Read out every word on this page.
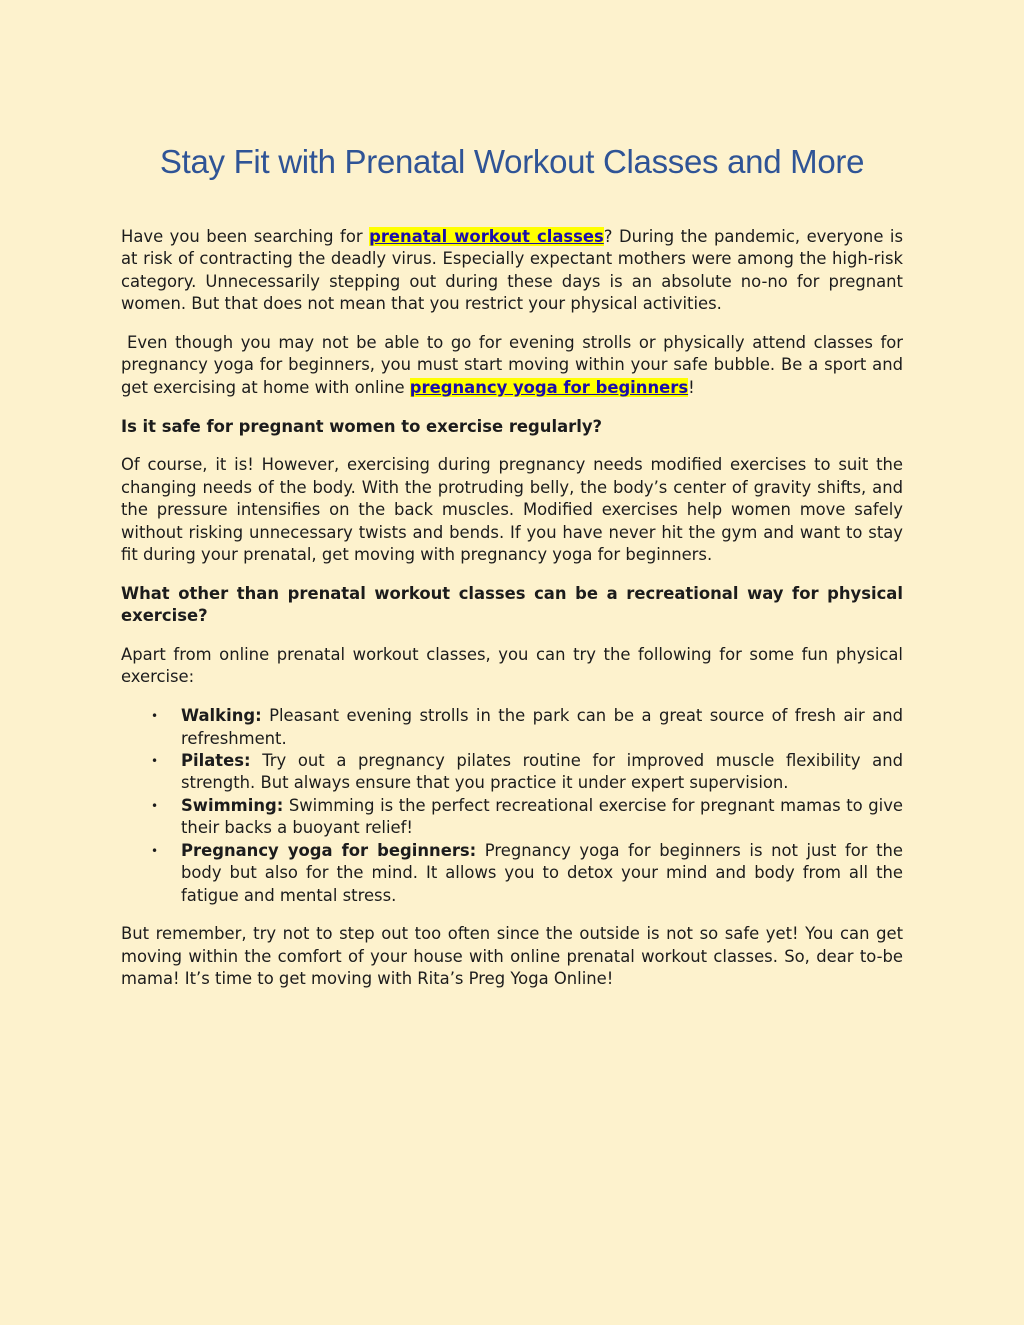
Stay Fit with Prenatal Workout Classes and More

Have you been searching for prenatal workout classes? During the pandemic, everyone is at risk of contracting the deadly virus. Especially expectant mothers were among the high-risk category. Unnecessarily stepping out during these days is an absolute no-no for pregnant women. But that does not mean that you restrict your physical activities.

Even though you may not be able to go for evening strolls or physically attend classes for pregnancy yoga for beginners, you must start moving within your safe bubble. Be a sport and get exercising at home with online pregnancy yoga for beginners!

Is it safe for pregnant women to exercise regularly?

Of course, it is! However, exercising during pregnancy needs modified exercises to suit the changing needs of the body. With the protruding belly, the body’s center of gravity shifts, and the pressure intensifies on the back muscles. Modified exercises help women move safely without risking unnecessary twists and bends. If you have never hit the gym and want to stay fit during your prenatal, get moving with pregnancy yoga for beginners.

What other than prenatal workout classes can be a recreational way for physical exercise?

Apart from online prenatal workout classes, you can try the following for some fun physical exercise:

• Walking: Pleasant evening strolls in the park can be a great source of fresh air and refreshment.
• Pilates: Try out a pregnancy pilates routine for improved muscle flexibility and strength. But always ensure that you practice it under expert supervision.
• Swimming: Swimming is the perfect recreational exercise for pregnant mamas to give their backs a buoyant relief!
• Pregnancy yoga for beginners: Pregnancy yoga for beginners is not just for the body but also for the mind. It allows you to detox your mind and body from all the fatigue and mental stress.

But remember, try not to step out too often since the outside is not so safe yet! You can get moving within the comfort of your house with online prenatal workout classes. So, dear to-be mama! It’s time to get moving with Rita’s Preg Yoga Online!
